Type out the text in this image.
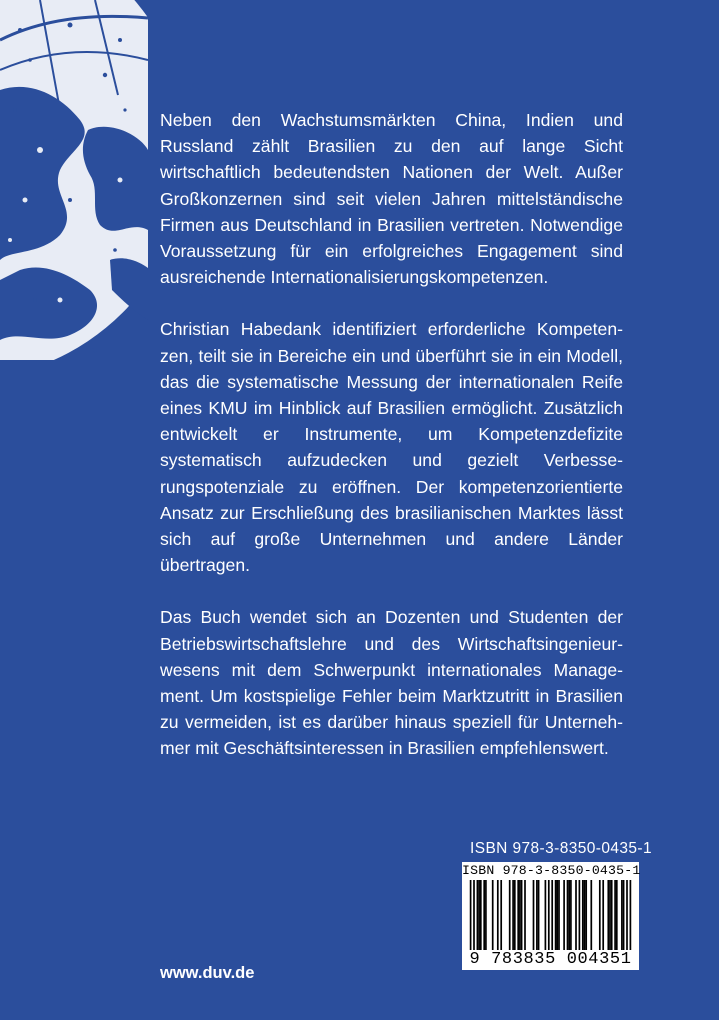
Neben den Wachstumsmärkten China, Indien und Russland zählt Brasilien zu den auf lange Sicht wirtschaftlich bedeutendsten Nationen der Welt. Außer Großkonzernen sind seit vielen Jahren mittelständische Firmen aus Deutschland in Brasilien vertreten. Notwendige Voraussetzung für ein erfolgreiches Engagement sind ausreichende Internationalisierungskompetenzen.

Christian Habedank identifiziert erforderliche Kompetenzen, teilt sie in Bereiche ein und überführt sie in ein Modell, das die systematische Messung der internationalen Reife eines KMU im Hinblick auf Brasilien ermöglicht. Zusätzlich entwickelt er Instrumente, um Kompetenzdefizite systematisch aufzudecken und gezielt Verbesserungspotenziale zu eröffnen. Der kompetenzorientierte Ansatz zur Erschließung des brasilianischen Marktes lässt sich auf große Unternehmen und andere Länder übertragen.

Das Buch wendet sich an Dozenten und Studenten der Betriebswirtschaftslehre und des Wirtschaftsingenieurwesens mit dem Schwerpunkt internationales Management. Um kostspielige Fehler beim Marktzutritt in Brasilien zu vermeiden, ist es darüber hinaus speziell für Unternehmer mit Geschäftsinteressen in Brasilien empfehlenswert.

ISBN 978-3-8350-0435-1
ISBN 978-3-8350-0435-1
9 783835 004351
www.duv.de
